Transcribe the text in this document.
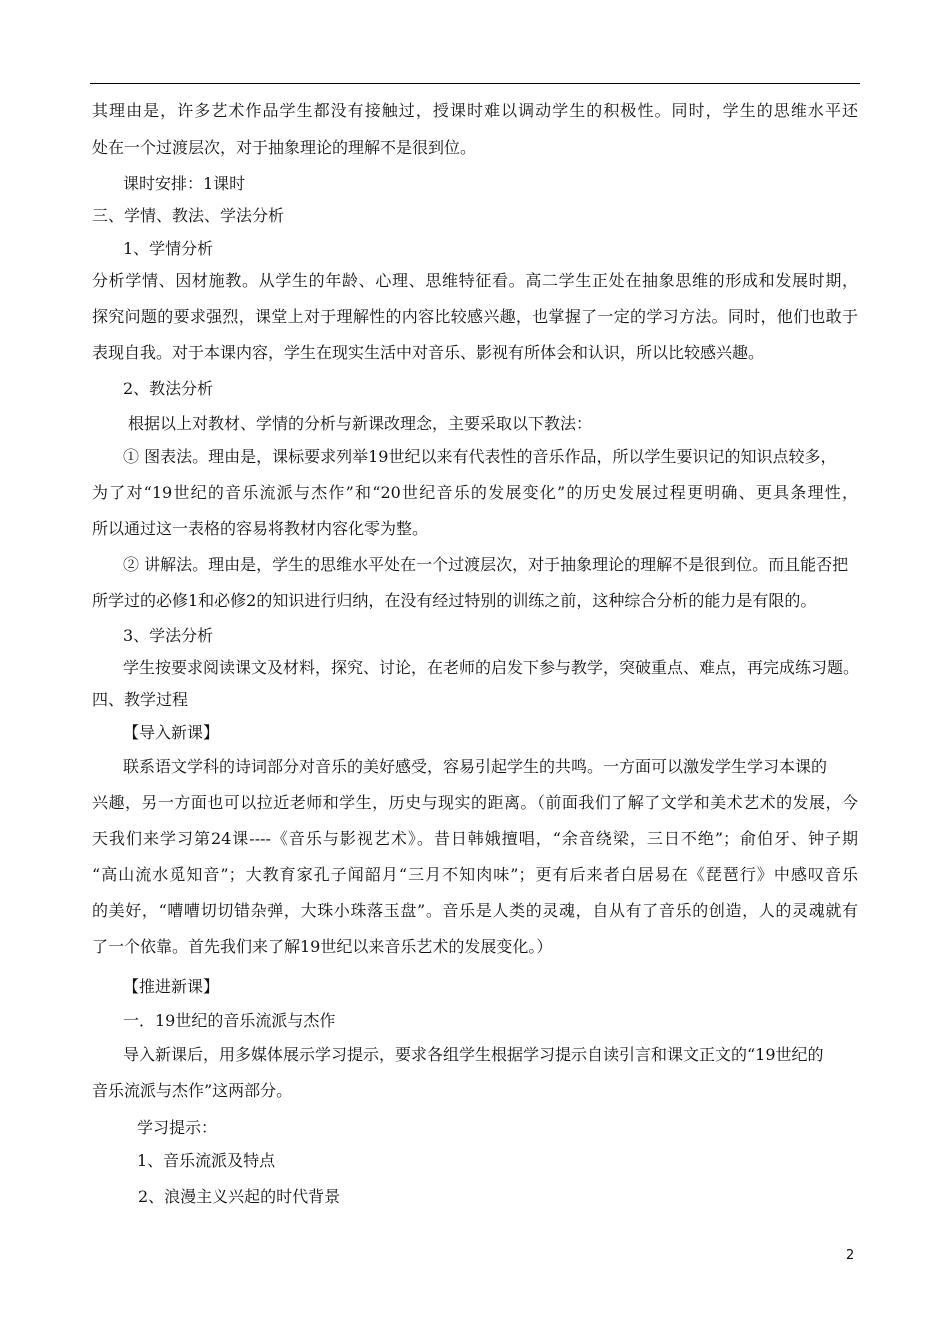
其理由是，许多艺术作品学生都没有接触过，授课时难以调动学生的积极性。同时，学生的思维水平还
处在一个过渡层次，对于抽象理论的理解不是很到位。
课时安排：1课时
三、学情、教法、学法分析
1、学情分析
分析学情、因材施教。从学生的年龄、心理、思维特征看。高二学生正处在抽象思维的形成和发展时期，
探究问题的要求强烈，课堂上对于理解性的内容比较感兴趣，也掌握了一定的学习方法。同时，他们也敢于
表现自我。对于本课内容，学生在现实生活中对音乐、影视有所体会和认识，所以比较感兴趣。
2、教法分析
根据以上对教材、学情的分析与新课改理念，主要采取以下教法：
① 图表法。理由是，课标要求列举19世纪以来有代表性的音乐作品，所以学生要识记的知识点较多，
为了对“19世纪的音乐流派与杰作”和“20世纪音乐的发展变化”的历史发展过程更明确、更具条理性，
所以通过这一表格的容易将教材内容化零为整。
② 讲解法。理由是，学生的思维水平处在一个过渡层次，对于抽象理论的理解不是很到位。而且能否把
所学过的必修1和必修2的知识进行归纳，在没有经过特别的训练之前，这种综合分析的能力是有限的。
3、学法分析
学生按要求阅读课文及材料，探究、讨论，在老师的启发下参与教学，突破重点、难点，再完成练习题。
四、教学过程
【导入新课】
联系语文学科的诗词部分对音乐的美好感受，容易引起学生的共鸣。一方面可以激发学生学习本课的
兴趣，另一方面也可以拉近老师和学生，历史与现实的距离。（前面我们了解了文学和美术艺术的发展，今
天我们来学习第24课----《音乐与影视艺术》。昔日韩娥擅唱，“余音绕梁，三日不绝”；俞伯牙、钟子期
“高山流水觅知音”；大教育家孔子闻韶月“三月不知肉味”；更有后来者白居易在《琵琶行》中感叹音乐
的美好，“嘈嘈切切错杂弹，大珠小珠落玉盘”。音乐是人类的灵魂，自从有了音乐的创造，人的灵魂就有
了一个依靠。首先我们来了解19世纪以来音乐艺术的发展变化。）
【推进新课】
一．19世纪的音乐流派与杰作
导入新课后，用多媒体展示学习提示，要求各组学生根据学习提示自读引言和课文正文的“19世纪的
音乐流派与杰作”这两部分。
学习提示：
1、音乐流派及特点
2、浪漫主义兴起的时代背景
2
